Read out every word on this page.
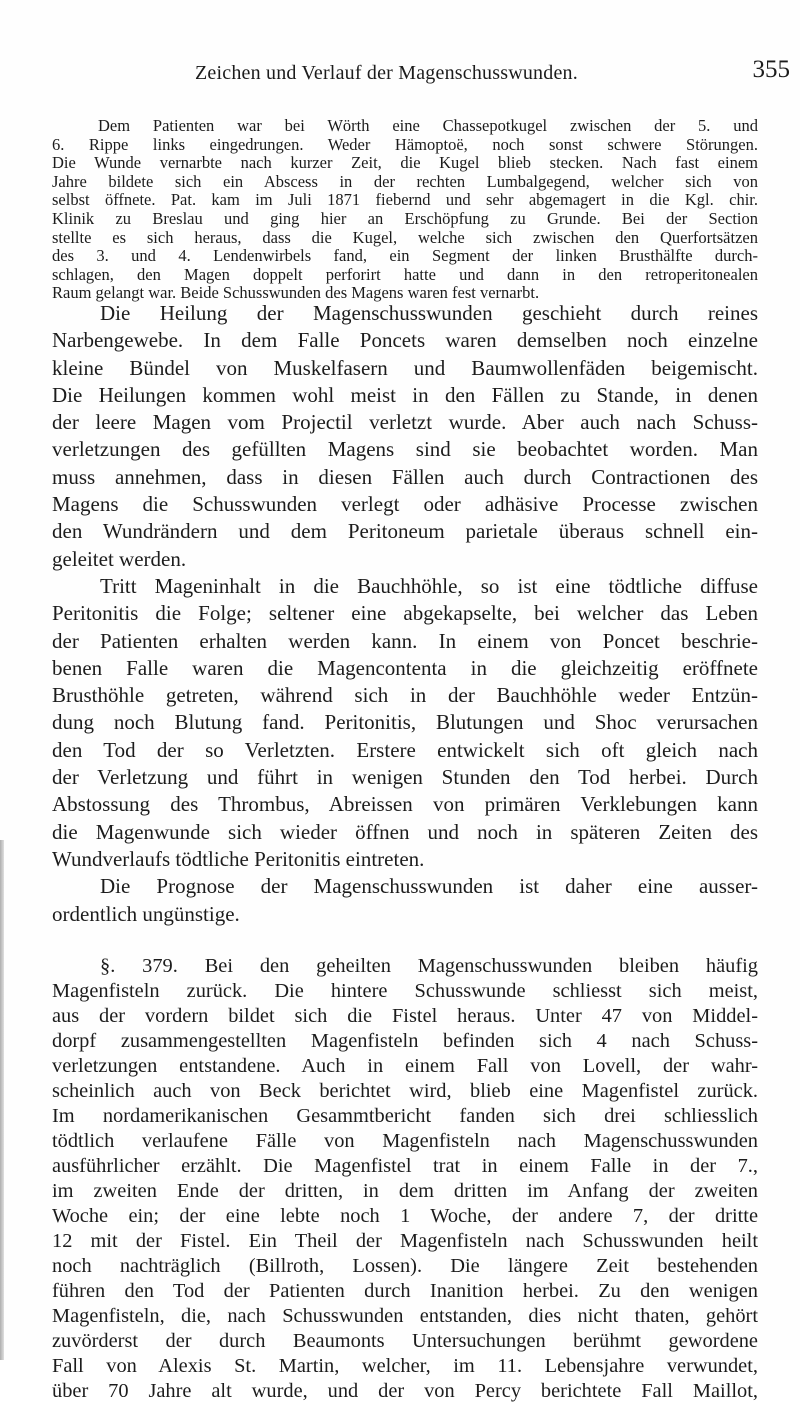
Zeichen und Verlauf der Magenschusswunden.	355
Dem Patienten war bei Wörth eine Chassepotkugel zwischen der 5. und
6. Rippe links eingedrungen. Weder Hämoptoë, noch sonst schwere Störungen.
Die Wunde vernarbte nach kurzer Zeit, die Kugel blieb stecken. Nach fast einem
Jahre bildete sich ein Abscess in der rechten Lumbalgegend, welcher sich von
selbst öffnete. Pat. kam im Juli 1871 fiebernd und sehr abgemagert in die Kgl. chir.
Klinik zu Breslau und ging hier an Erschöpfung zu Grunde. Bei der Section
stellte es sich heraus, dass die Kugel, welche sich zwischen den Querfortsätzen
des 3. und 4. Lendenwirbels fand, ein Segment der linken Brusthälfte durch-
schlagen, den Magen doppelt perforirt hatte und dann in den retroperitonealen
Raum gelangt war. Beide Schusswunden des Magens waren fest vernarbt.
Die Heilung der Magenschusswunden geschieht durch reines
Narbengewebe. In dem Falle Poncets waren demselben noch einzelne
kleine Bündel von Muskelfasern und Baumwollenfäden beigemischt.
Die Heilungen kommen wohl meist in den Fällen zu Stande, in denen
der leere Magen vom Projectil verletzt wurde. Aber auch nach Schuss-
verletzungen des gefüllten Magens sind sie beobachtet worden. Man
muss annehmen, dass in diesen Fällen auch durch Contractionen des
Magens die Schusswunden verlegt oder adhäsive Processe zwischen
den Wundrändern und dem Peritoneum parietale überaus schnell ein-
geleitet werden.
Tritt Mageninhalt in die Bauchhöhle, so ist eine tödtliche diffuse
Peritonitis die Folge; seltener eine abgekapselte, bei welcher das Leben
der Patienten erhalten werden kann. In einem von Poncet beschrie-
benen Falle waren die Magencontenta in die gleichzeitig eröffnete
Brusthöhle getreten, während sich in der Bauchhöhle weder Entzün-
dung noch Blutung fand. Peritonitis, Blutungen und Shoc verursachen
den Tod der so Verletzten. Erstere entwickelt sich oft gleich nach
der Verletzung und führt in wenigen Stunden den Tod herbei. Durch
Abstossung des Thrombus, Abreissen von primären Verklebungen kann
die Magenwunde sich wieder öffnen und noch in späteren Zeiten des
Wundverlaufs tödtliche Peritonitis eintreten.
Die Prognose der Magenschusswunden ist daher eine ausser-
ordentlich ungünstige.
§. 379. Bei den geheilten Magenschusswunden bleiben häufig
Magenfisteln zurück. Die hintere Schusswunde schliesst sich meist,
aus der vordern bildet sich die Fistel heraus. Unter 47 von Middel-
dorpf zusammengestellten Magenfisteln befinden sich 4 nach Schuss-
verletzungen entstandene. Auch in einem Fall von Lovell, der wahr-
scheinlich auch von Beck berichtet wird, blieb eine Magenfistel zurück.
Im nordamerikanischen Gesammtbericht fanden sich drei schliesslich
tödtlich verlaufene Fälle von Magenfisteln nach Magenschusswunden
ausführlicher erzählt. Die Magenfistel trat in einem Falle in der 7.,
im zweiten Ende der dritten, in dem dritten im Anfang der zweiten
Woche ein; der eine lebte noch 1 Woche, der andere 7, der dritte
12 mit der Fistel. Ein Theil der Magenfisteln nach Schusswunden heilt
noch nachträglich (Billroth, Lossen). Die längere Zeit bestehenden
führen den Tod der Patienten durch Inanition herbei. Zu den wenigen
Magenfisteln, die, nach Schusswunden entstanden, dies nicht thaten, gehört
zuvörderst der durch Beaumonts Untersuchungen berühmt gewordene
Fall von Alexis St. Martin, welcher, im 11. Lebensjahre verwundet,
über 70 Jahre alt wurde, und der von Percy berichtete Fall Maillot,
